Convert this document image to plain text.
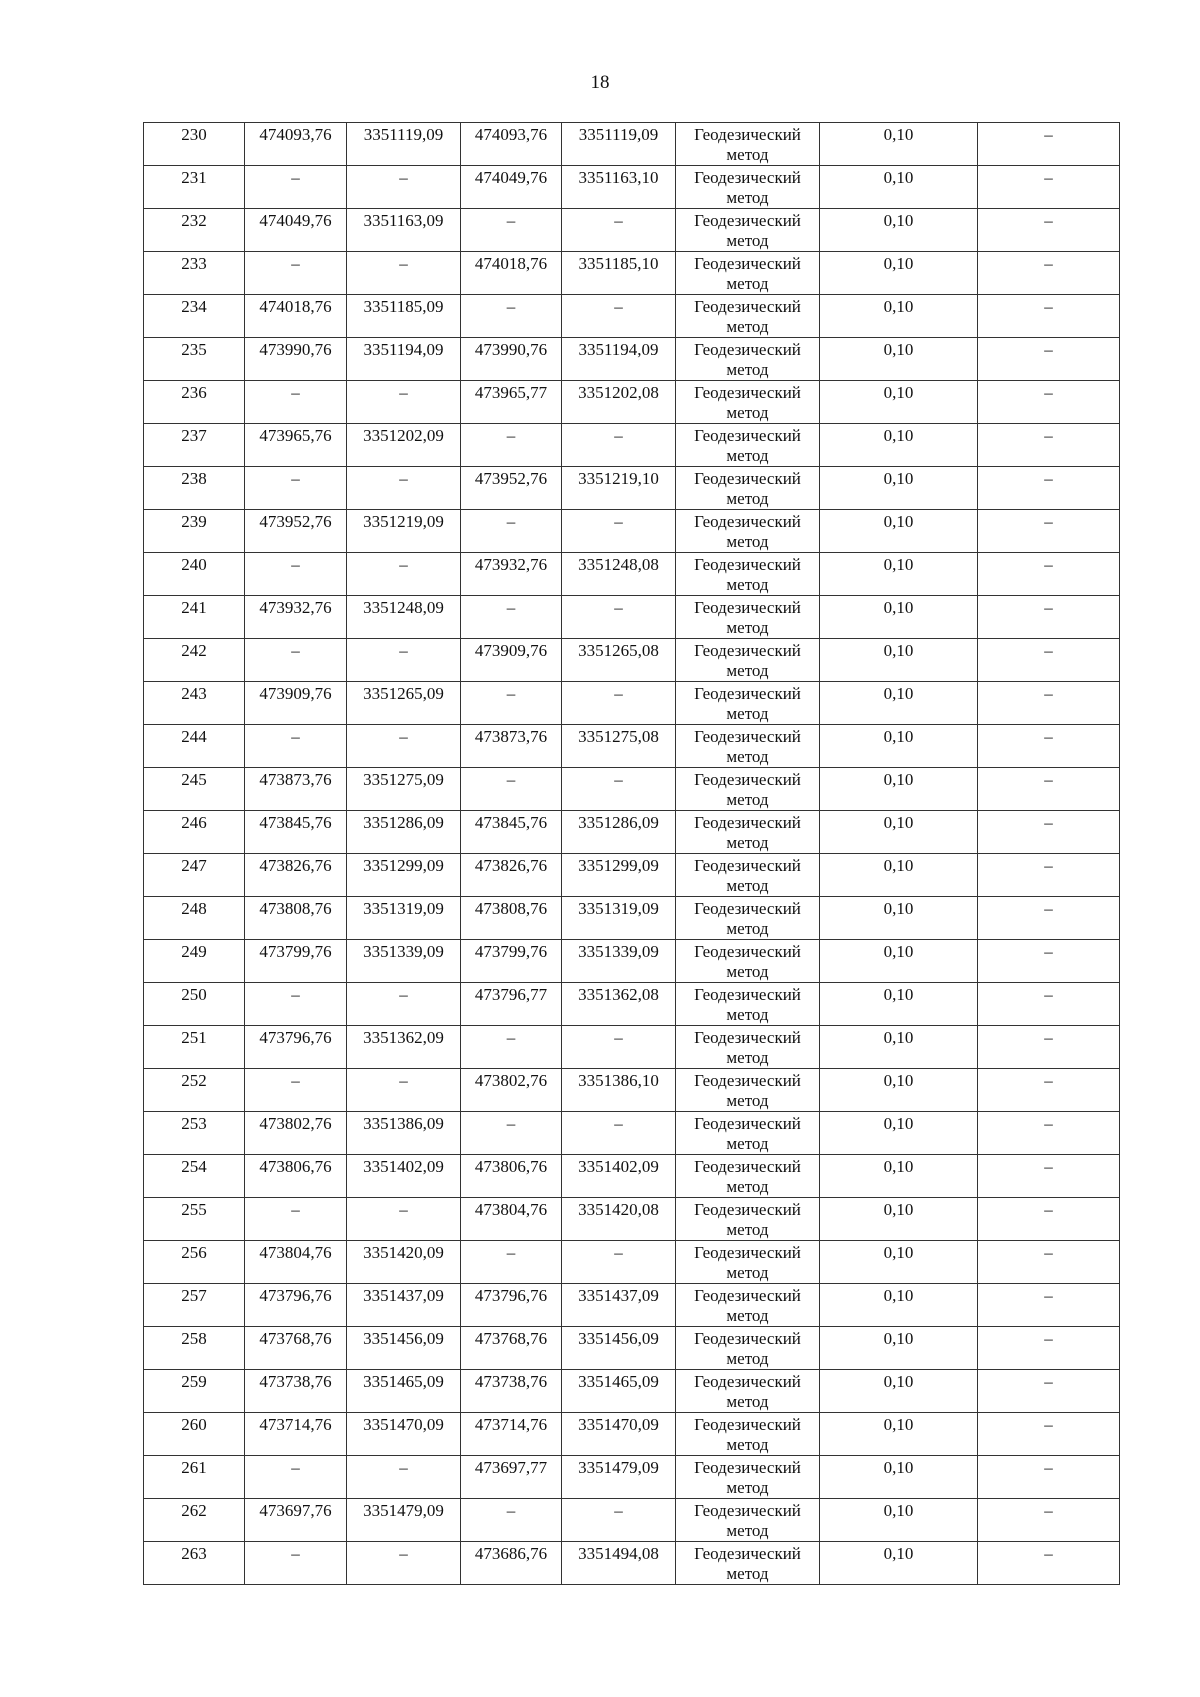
18
230	474093,76	3351119,09	474093,76	3351119,09	Геодезический
метод	0,10	–
231	–	–	474049,76	3351163,10	Геодезический
метод	0,10	–
232	474049,76	3351163,09	–	–	Геодезический
метод	0,10	–
233	–	–	474018,76	3351185,10	Геодезический
метод	0,10	–
234	474018,76	3351185,09	–	–	Геодезический
метод	0,10	–
235	473990,76	3351194,09	473990,76	3351194,09	Геодезический
метод	0,10	–
236	–	–	473965,77	3351202,08	Геодезический
метод	0,10	–
237	473965,76	3351202,09	–	–	Геодезический
метод	0,10	–
238	–	–	473952,76	3351219,10	Геодезический
метод	0,10	–
239	473952,76	3351219,09	–	–	Геодезический
метод	0,10	–
240	–	–	473932,76	3351248,08	Геодезический
метод	0,10	–
241	473932,76	3351248,09	–	–	Геодезический
метод	0,10	–
242	–	–	473909,76	3351265,08	Геодезический
метод	0,10	–
243	473909,76	3351265,09	–	–	Геодезический
метод	0,10	–
244	–	–	473873,76	3351275,08	Геодезический
метод	0,10	–
245	473873,76	3351275,09	–	–	Геодезический
метод	0,10	–
246	473845,76	3351286,09	473845,76	3351286,09	Геодезический
метод	0,10	–
247	473826,76	3351299,09	473826,76	3351299,09	Геодезический
метод	0,10	–
248	473808,76	3351319,09	473808,76	3351319,09	Геодезический
метод	0,10	–
249	473799,76	3351339,09	473799,76	3351339,09	Геодезический
метод	0,10	–
250	–	–	473796,77	3351362,08	Геодезический
метод	0,10	–
251	473796,76	3351362,09	–	–	Геодезический
метод	0,10	–
252	–	–	473802,76	3351386,10	Геодезический
метод	0,10	–
253	473802,76	3351386,09	–	–	Геодезический
метод	0,10	–
254	473806,76	3351402,09	473806,76	3351402,09	Геодезический
метод	0,10	–
255	–	–	473804,76	3351420,08	Геодезический
метод	0,10	–
256	473804,76	3351420,09	–	–	Геодезический
метод	0,10	–
257	473796,76	3351437,09	473796,76	3351437,09	Геодезический
метод	0,10	–
258	473768,76	3351456,09	473768,76	3351456,09	Геодезический
метод	0,10	–
259	473738,76	3351465,09	473738,76	3351465,09	Геодезический
метод	0,10	–
260	473714,76	3351470,09	473714,76	3351470,09	Геодезический
метод	0,10	–
261	–	–	473697,77	3351479,09	Геодезический
метод	0,10	–
262	473697,76	3351479,09	–	–	Геодезический
метод	0,10	–
263	–	–	473686,76	3351494,08	Геодезический
метод	0,10	–
